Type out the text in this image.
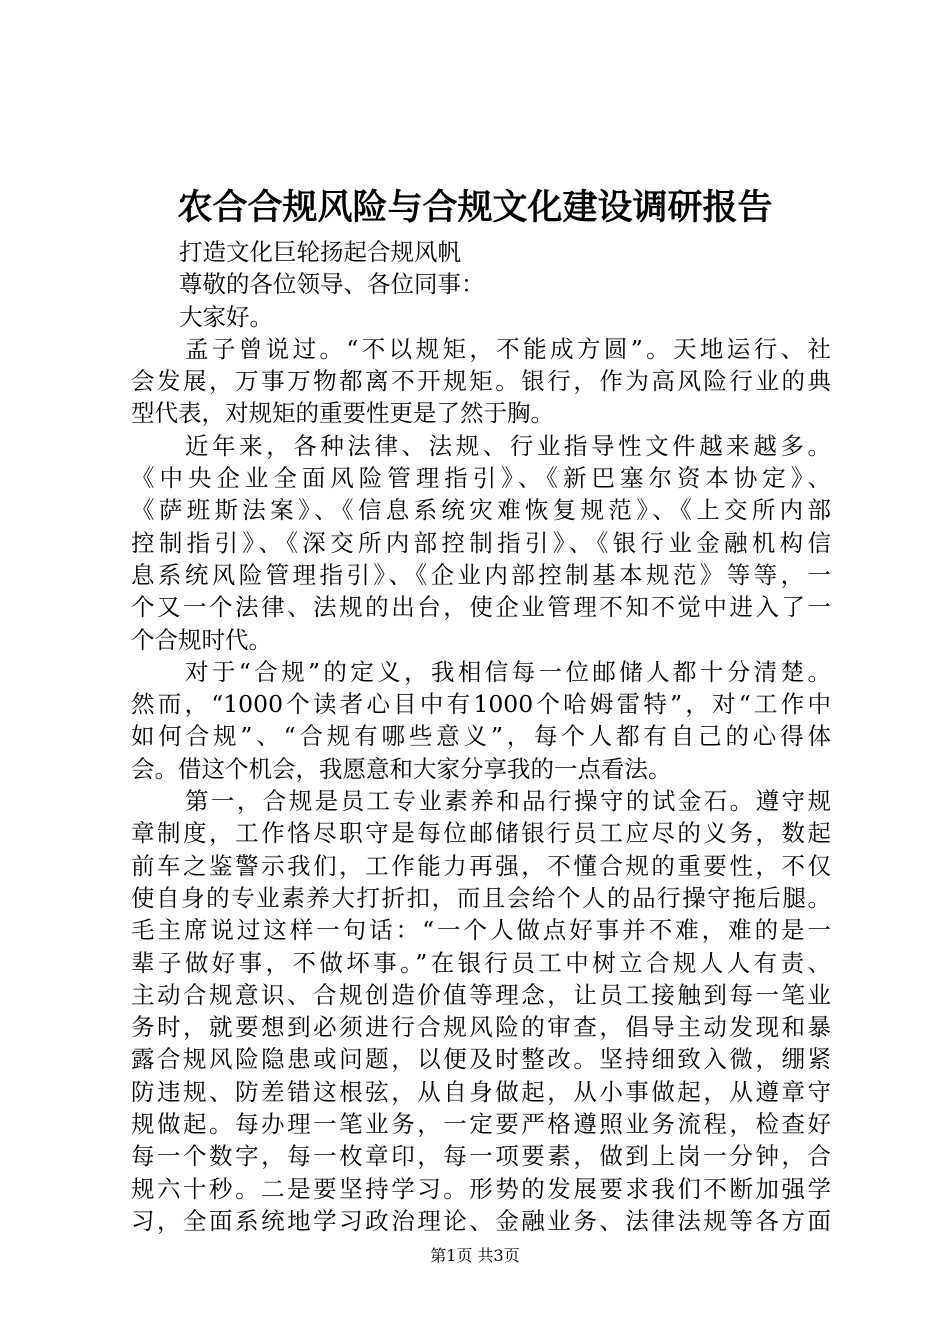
农合合规风险与合规文化建设调研报告

打造文化巨轮扬起合规风帆

尊敬的各位领导、各位同事：

大家好。

孟子曾说过。“不以规矩，不能成方圆”。天地运行、社

会发展，万事万物都离不开规矩。银行，作为高风险行业的典

型代表，对规矩的重要性更是了然于胸。

近年来，各种法律、法规、行业指导性文件越来越多。

《中央企业全面风险管理指引》、《新巴塞尔资本协定》、

《萨班斯法案》、《信息系统灾难恢复规范》、《上交所内部

控制指引》、《深交所内部控制指引》、《银行业金融机构信

息系统风险管理指引》、《企业内部控制基本规范》等等，一

个又一个法律、法规的出台，使企业管理不知不觉中进入了一

个合规时代。

对于“合规”的定义，我相信每一位邮储人都十分清楚。

然而，“1000个读者心目中有1000个哈姆雷特”，对“工作中

如何合规”、“合规有哪些意义”，每个人都有自己的心得体

会。借这个机会，我愿意和大家分享我的一点看法。

第一，合规是员工专业素养和品行操守的试金石。遵守规

章制度，工作恪尽职守是每位邮储银行员工应尽的义务，数起

前车之鉴警示我们，工作能力再强，不懂合规的重要性，不仅

使自身的专业素养大打折扣，而且会给个人的品行操守拖后腿。

毛主席说过这样一句话：“一个人做点好事并不难，难的是一

辈子做好事，不做坏事。”在银行员工中树立合规人人有责、

主动合规意识、合规创造价值等理念，让员工接触到每一笔业

务时，就要想到必须进行合规风险的审查，倡导主动发现和暴

露合规风险隐患或问题，以便及时整改。坚持细致入微，绷紧

防违规、防差错这根弦，从自身做起，从小事做起，从遵章守

规做起。每办理一笔业务，一定要严格遵照业务流程，检查好

每一个数字，每一枚章印，每一项要素，做到上岗一分钟，合

规六十秒。二是要坚持学习。形势的发展要求我们不断加强学

习，全面系统地学习政治理论、金融业务、法律法规等各方面

第1页 共3页
